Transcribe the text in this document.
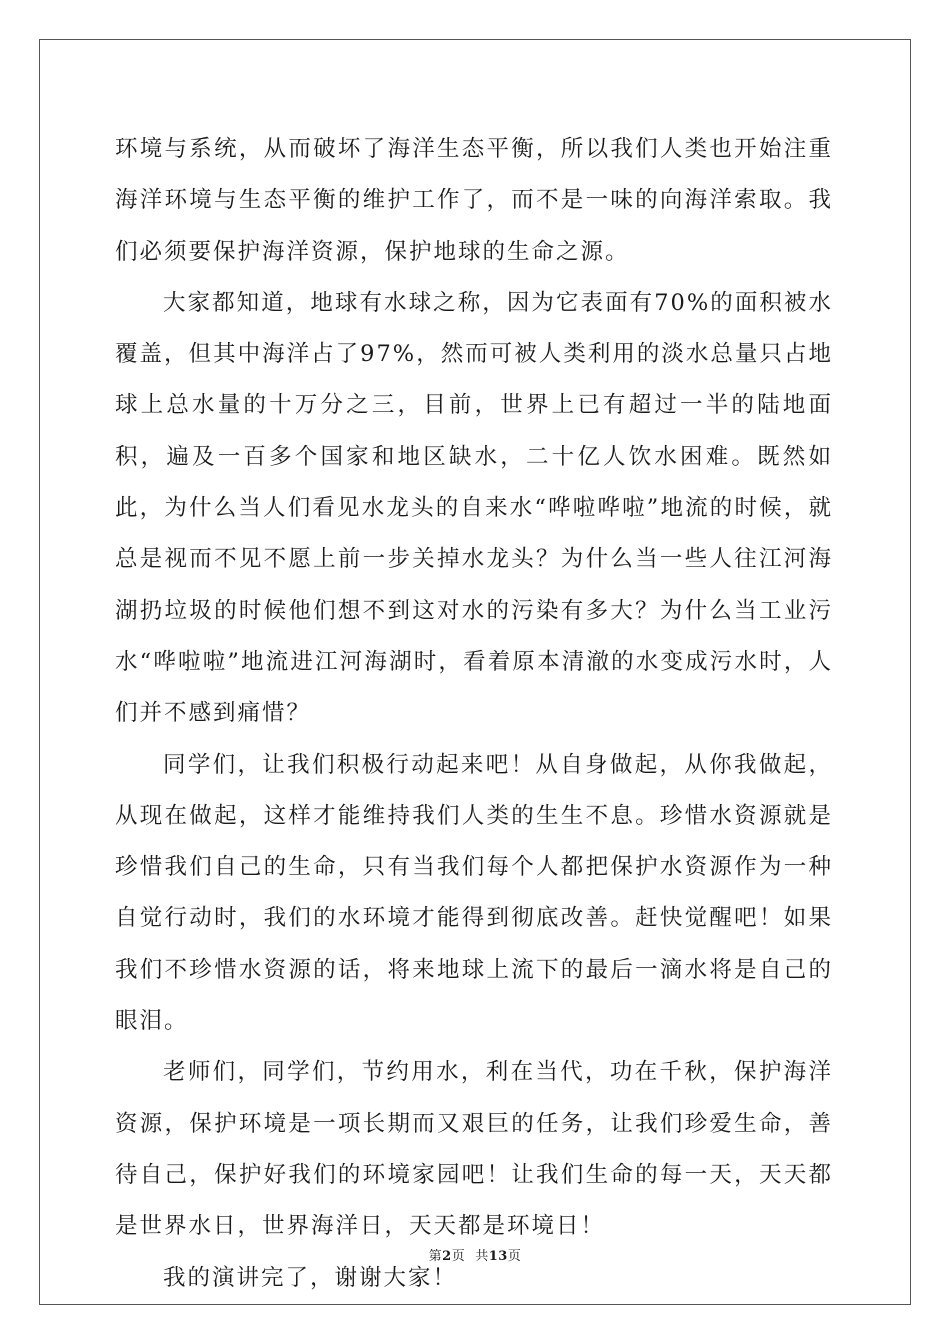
环境与系统，从而破坏了海洋生态平衡，所以我们人类也开始注重海洋环境与生态平衡的维护工作了，而不是一味的向海洋索取。我们必须要保护海洋资源，保护地球的生命之源。

大家都知道，地球有水球之称，因为它表面有70%的面积被水覆盖，但其中海洋占了97%，然而可被人类利用的淡水总量只占地球上总水量的十万分之三，目前，世界上已有超过一半的陆地面积，遍及一百多个国家和地区缺水，二十亿人饮水困难。既然如此，为什么当人们看见水龙头的自来水“哗啦哗啦”地流的时候，就总是视而不见不愿上前一步关掉水龙头？为什么当一些人往江河海湖扔垃圾的时候他们想不到这对水的污染有多大？为什么当工业污水“哗啦啦”地流进江河海湖时，看着原本清澈的水变成污水时，人们并不感到痛惜？

同学们，让我们积极行动起来吧！从自身做起，从你我做起，从现在做起，这样才能维持我们人类的生生不息。珍惜水资源就是珍惜我们自己的生命，只有当我们每个人都把保护水资源作为一种自觉行动时，我们的水环境才能得到彻底改善。赶快觉醒吧！如果我们不珍惜水资源的话，将来地球上流下的最后一滴水将是自己的眼泪。

老师们，同学们，节约用水，利在当代，功在千秋，保护海洋资源，保护环境是一项长期而又艰巨的任务，让我们珍爱生命，善待自己，保护好我们的环境家园吧！让我们生命的每一天，天天都是世界水日，世界海洋日，天天都是环境日！

我的演讲完了，谢谢大家！

第2页 共13页
